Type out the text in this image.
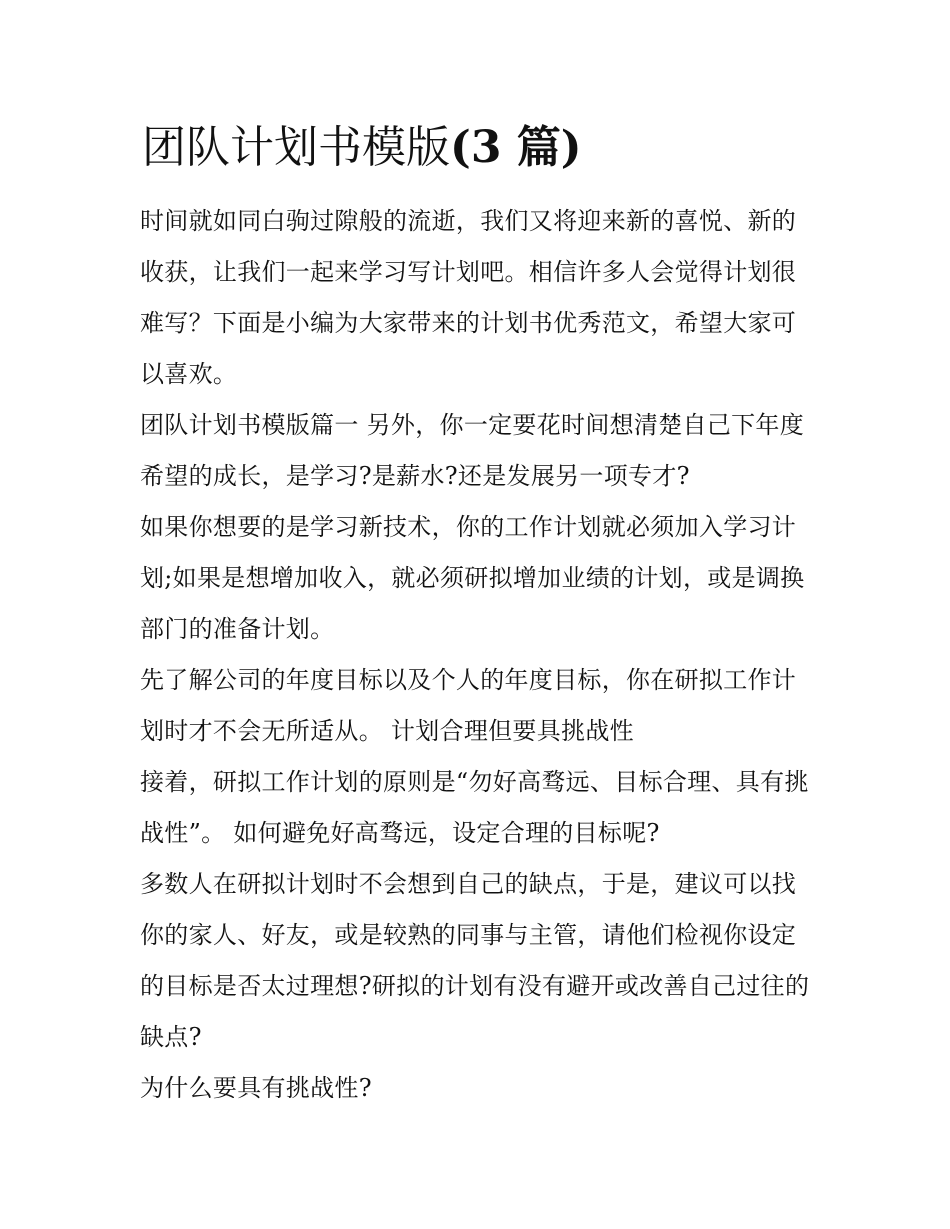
团队计划书模版(3 篇)

时间就如同白驹过隙般的流逝，我们又将迎来新的喜悦、新的收获，让我们一起来学习写计划吧。相信许多人会觉得计划很难写？下面是小编为大家带来的计划书优秀范文，希望大家可以喜欢。

团队计划书模版篇一 另外，你一定要花时间想清楚自己下年度希望的成长，是学习?是薪水?还是发展另一项专才?

如果你想要的是学习新技术，你的工作计划就必须加入学习计划;如果是想增加收入，就必须研拟增加业绩的计划，或是调换部门的准备计划。

先了解公司的年度目标以及个人的年度目标，你在研拟工作计划时才不会无所适从。 计划合理但要具挑战性

接着，研拟工作计划的原则是“勿好高骛远、目标合理、具有挑战性”。 如何避免好高骛远，设定合理的目标呢?

多数人在研拟计划时不会想到自己的缺点，于是，建议可以找你的家人、好友，或是较熟的同事与主管，请他们检视你设定的目标是否太过理想?研拟的计划有没有避开或改善自己过往的缺点?

为什么要具有挑战性?
